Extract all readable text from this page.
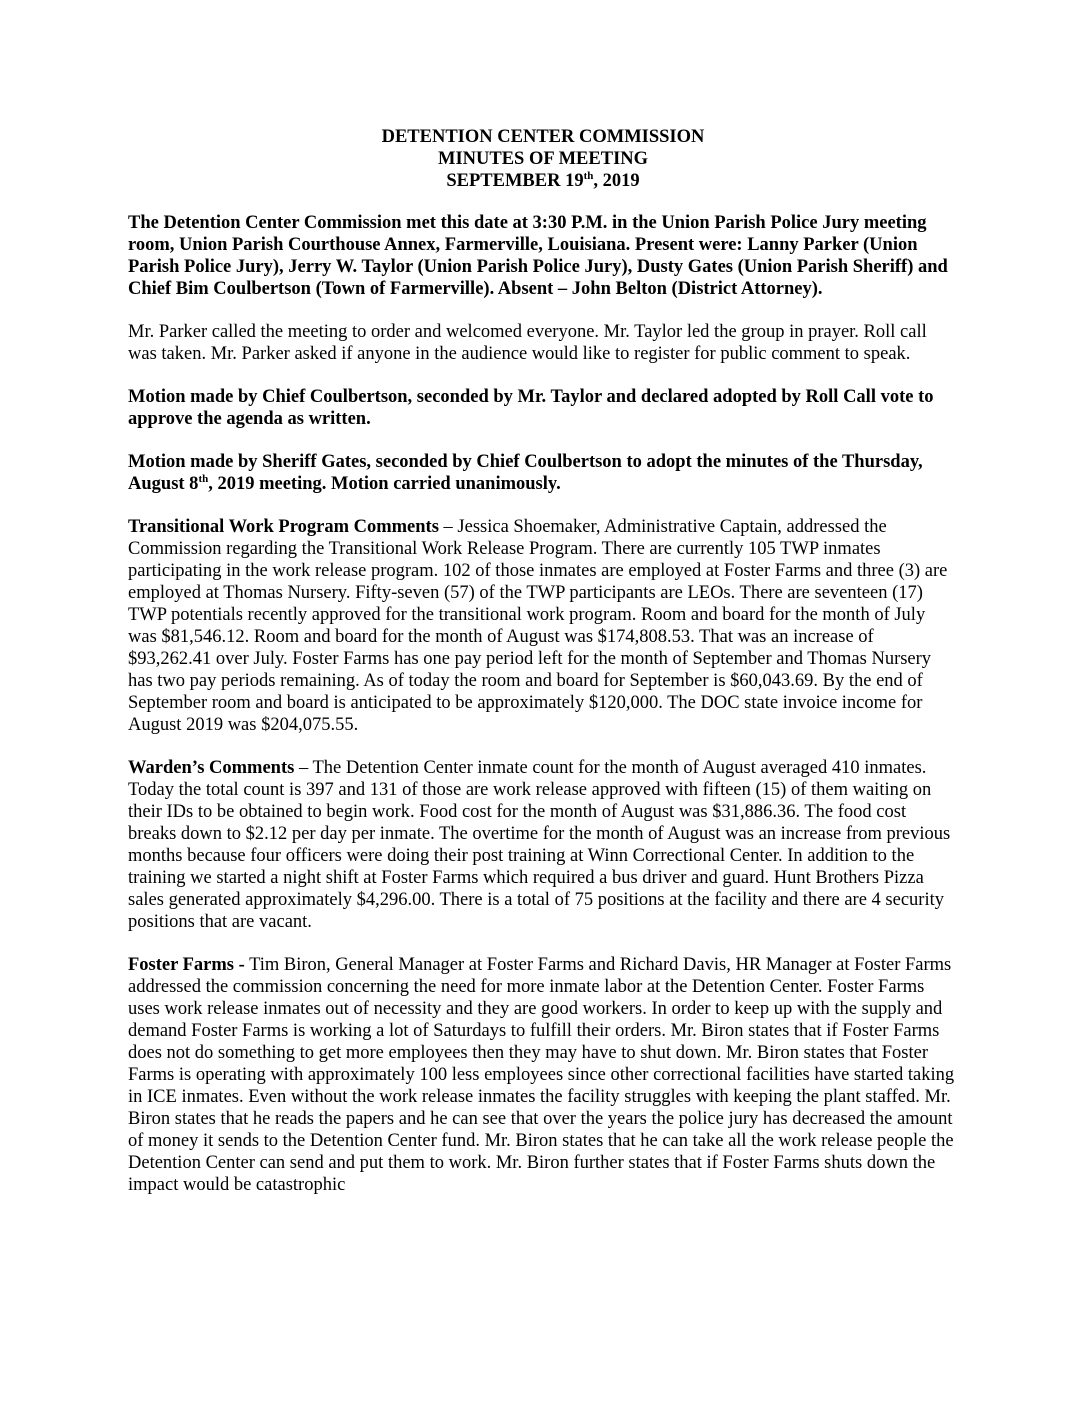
DETENTION CENTER COMMISSION
MINUTES OF MEETING
SEPTEMBER 19th, 2019

The Detention Center Commission met this date at 3:30 P.M. in the Union Parish Police Jury meeting room, Union Parish Courthouse Annex, Farmerville, Louisiana. Present were: Lanny Parker (Union Parish Police Jury), Jerry W. Taylor (Union Parish Police Jury), Dusty Gates (Union Parish Sheriff) and Chief Bim Coulbertson (Town of Farmerville). Absent – John Belton (District Attorney).

Mr. Parker called the meeting to order and welcomed everyone. Mr. Taylor led the group in prayer. Roll call was taken. Mr. Parker asked if anyone in the audience would like to register for public comment to speak.

Motion made by Chief Coulbertson, seconded by Mr. Taylor and declared adopted by Roll Call vote to approve the agenda as written.

Motion made by Sheriff Gates, seconded by Chief Coulbertson to adopt the minutes of the Thursday, August 8th, 2019 meeting. Motion carried unanimously.

Transitional Work Program Comments – Jessica Shoemaker, Administrative Captain, addressed the Commission regarding the Transitional Work Release Program. There are currently 105 TWP inmates participating in the work release program. 102 of those inmates are employed at Foster Farms and three (3) are employed at Thomas Nursery. Fifty-seven (57) of the TWP participants are LEOs. There are seventeen (17) TWP potentials recently approved for the transitional work program. Room and board for the month of July was $81,546.12. Room and board for the month of August was $174,808.53. That was an increase of $93,262.41 over July. Foster Farms has one pay period left for the month of September and Thomas Nursery has two pay periods remaining. As of today the room and board for September is $60,043.69. By the end of September room and board is anticipated to be approximately $120,000. The DOC state invoice income for August 2019 was $204,075.55.

Warden’s Comments – The Detention Center inmate count for the month of August averaged 410 inmates. Today the total count is 397 and 131 of those are work release approved with fifteen (15) of them waiting on their IDs to be obtained to begin work. Food cost for the month of August was $31,886.36. The food cost breaks down to $2.12 per day per inmate. The overtime for the month of August was an increase from previous months because four officers were doing their post training at Winn Correctional Center. In addition to the training we started a night shift at Foster Farms which required a bus driver and guard. Hunt Brothers Pizza sales generated approximately $4,296.00. There is a total of 75 positions at the facility and there are 4 security positions that are vacant.

Foster Farms - Tim Biron, General Manager at Foster Farms and Richard Davis, HR Manager at Foster Farms addressed the commission concerning the need for more inmate labor at the Detention Center. Foster Farms uses work release inmates out of necessity and they are good workers. In order to keep up with the supply and demand Foster Farms is working a lot of Saturdays to fulfill their orders. Mr. Biron states that if Foster Farms does not do something to get more employees then they may have to shut down. Mr. Biron states that Foster Farms is operating with approximately 100 less employees since other correctional facilities have started taking in ICE inmates. Even without the work release inmates the facility struggles with keeping the plant staffed. Mr. Biron states that he reads the papers and he can see that over the years the police jury has decreased the amount of money it sends to the Detention Center fund. Mr. Biron states that he can take all the work release people the Detention Center can send and put them to work. Mr. Biron further states that if Foster Farms shuts down the impact would be catastrophic
